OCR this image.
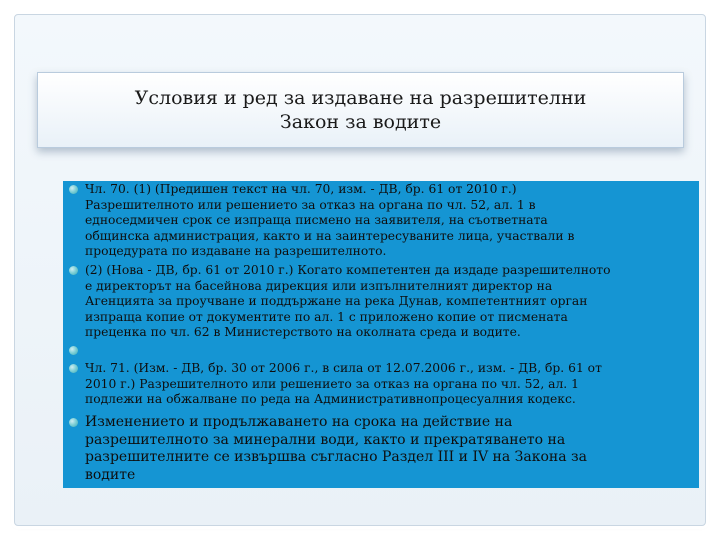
Условия и ред за издаване на разрешителни
Закон за водите
Чл. 70. (1) (Предишен текст на чл. 70, изм. - ДВ, бр. 61 от 2010 г.)
Разрешителното или решението за отказ на органа по чл. 52, ал. 1 в
едноседмичен срок се изпраща писмено на заявителя, на съответната
общинска администрация, както и на заинтересуваните лица, участвали в
процедурата по издаване на разрешителното.
(2) (Нова - ДВ, бр. 61 от 2010 г.) Когато компетентен да издаде разрешителното
е директорът на басейнова дирекция или изпълнителният директор на
Агенцията за проучване и поддържане на река Дунав, компетентният орган
изпраща копие от документите по ал. 1 с приложено копие от писмената
преценка по чл. 62 в Министерството на околната среда и водите.
Чл. 71. (Изм. - ДВ, бр. 30 от 2006 г., в сила от 12.07.2006 г., изм. - ДВ, бр. 61 от
2010 г.) Разрешителното или решението за отказ на органа по чл. 52, ал. 1
подлежи на обжалване по реда на Административнопроцесуалния кодекс.
Изменението и продължаването на срока на действие на
разрешителното за минерални води, както и прекратяването на
разрешителните се извършва съгласно Раздел III и IV на Закона за
водите
